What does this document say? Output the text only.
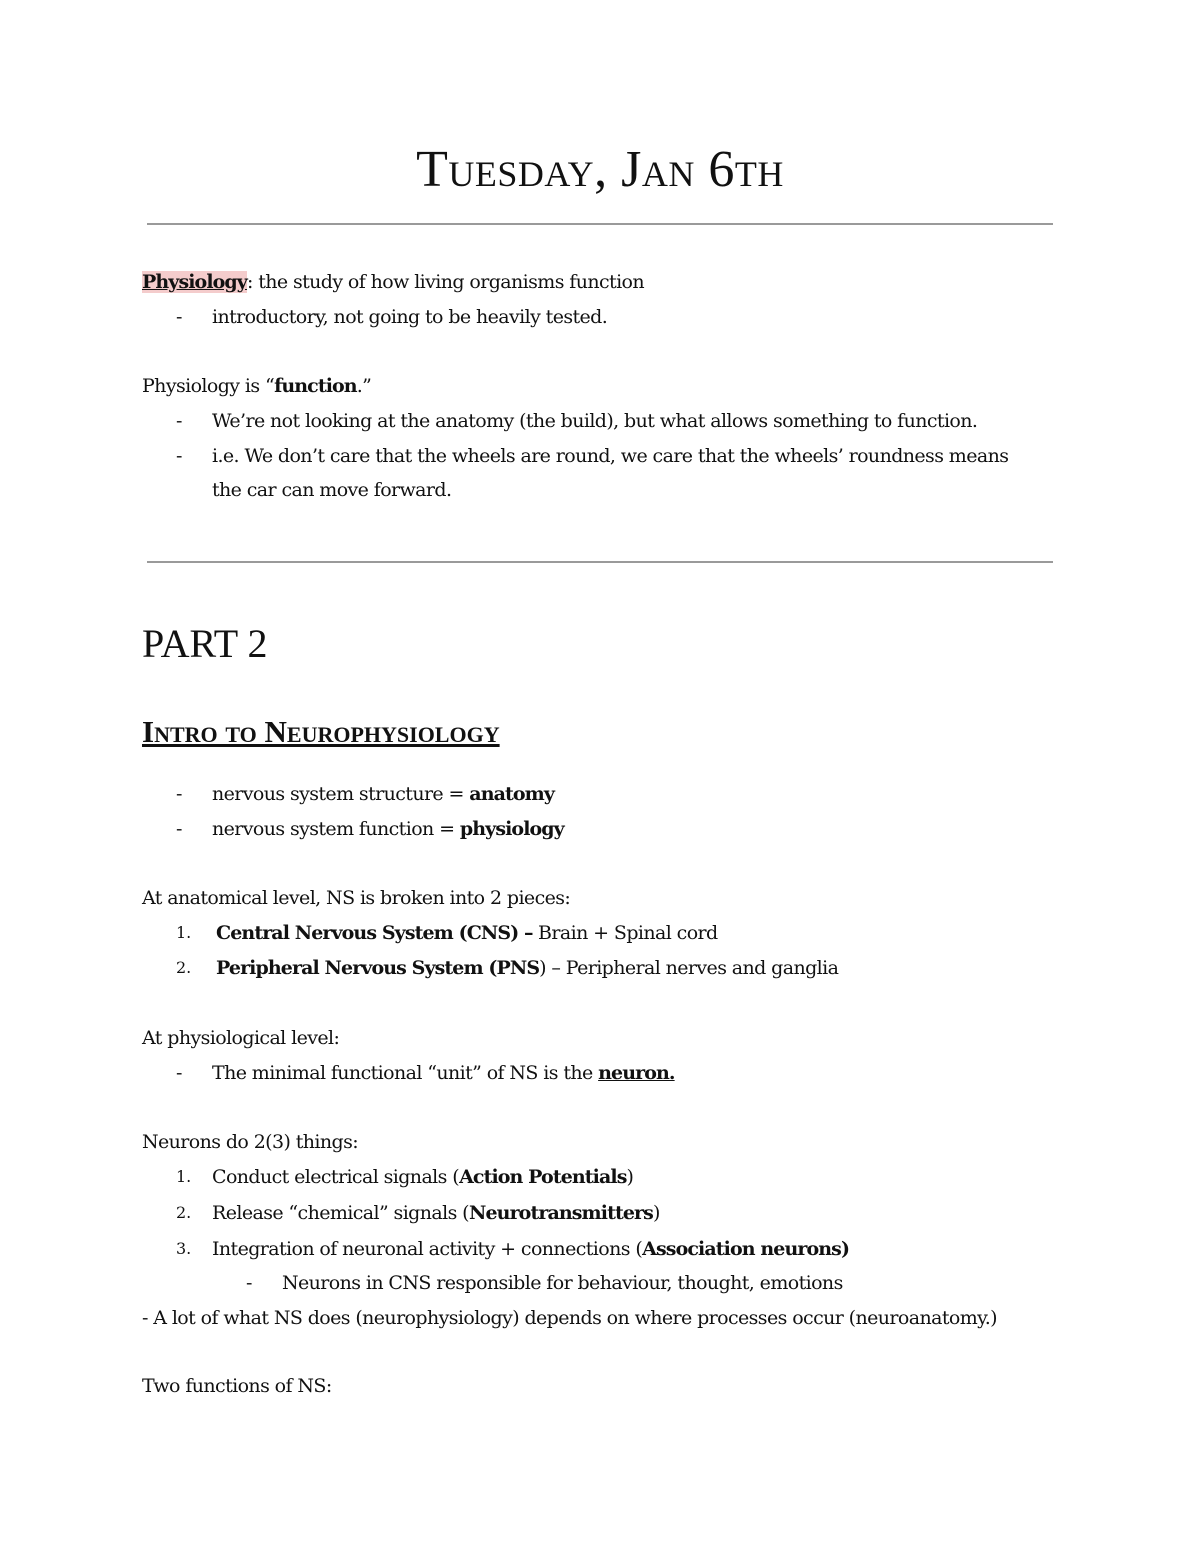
Tuesday, Jan 6th

Physiology: the study of how living organisms function

- introductory, not going to be heavily tested.

Physiology is “function.”

- We’re not looking at the anatomy (the build), but what allows something to function.

- i.e. We don’t care that the wheels are round, we care that the wheels’ roundness means

the car can move forward.

PART 2
Intro to Neurophysiology

- nervous system structure = anatomy

- nervous system function = physiology

At anatomical level, NS is broken into 2 pieces:

1. Central Nervous System (CNS) – Brain + Spinal cord

2. Peripheral Nervous System (PNS) – Peripheral nerves and ganglia

At physiological level:

- The minimal functional “unit” of NS is the neuron.

Neurons do 2(3) things:

1. Conduct electrical signals (Action Potentials)

2. Release “chemical” signals (Neurotransmitters)

3. Integration of neuronal activity + connections (Association neurons)

- Neurons in CNS responsible for behaviour, thought, emotions

- A lot of what NS does (neurophysiology) depends on where processes occur (neuroanatomy.)

Two functions of NS:
